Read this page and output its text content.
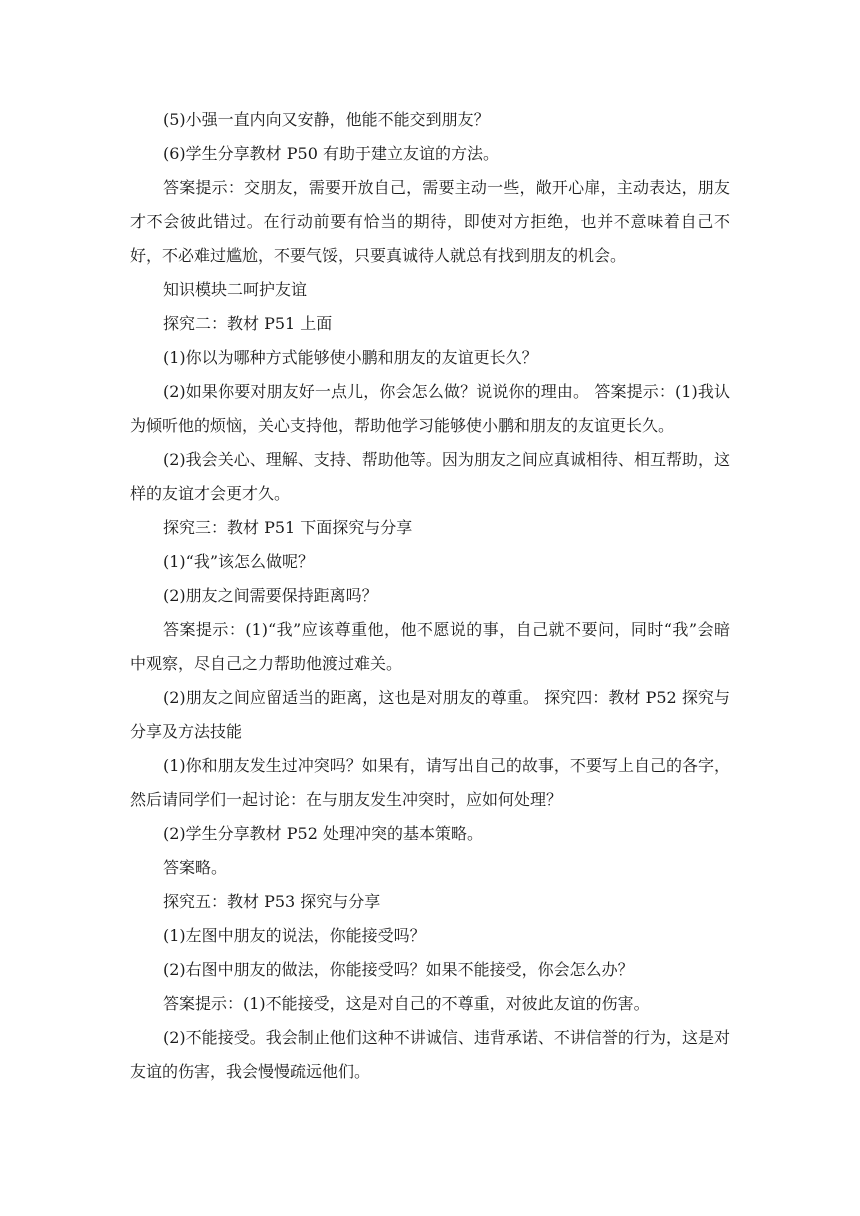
(5)小强一直内向又安静，他能不能交到朋友？

(6)学生分享教材 P50 有助于建立友谊的方法。

答案提示：交朋友，需要开放自己，需要主动一些，敞开心扉，主动表达，朋友才不会彼此错过。在行动前要有恰当的期待，即使对方拒绝，也并不意味着自己不好，不必难过尴尬，不要气馁，只要真诚待人就总有找到朋友的机会。

知识模块二呵护友谊

探究二：教材 P51 上面

(1)你以为哪种方式能够使小鹏和朋友的友谊更长久？

(2)如果你要对朋友好一点儿，你会怎么做？说说你的理由。 答案提示：(1)我认为倾听他的烦恼，关心支持他，帮助他学习能够使小鹏和朋友的友谊更长久。

(2)我会关心、理解、支持、帮助他等。因为朋友之间应真诚相待、相互帮助，这样的友谊才会更才久。

探究三：教材 P51 下面探究与分享

(1)“我”该怎么做呢？

(2)朋友之间需要保持距离吗？

答案提示：(1)“我”应该尊重他，他不愿说的事，自己就不要问，同时“我”会暗中观察，尽自己之力帮助他渡过难关。

(2)朋友之间应留适当的距离，这也是对朋友的尊重。 探究四：教材 P52 探究与分享及方法技能

(1)你和朋友发生过冲突吗？如果有，请写出自己的故事，不要写上自己的各字，然后请同学们一起讨论：在与朋友发生冲突时，应如何处理？

(2)学生分享教材 P52 处理冲突的基本策略。

答案略。

探究五：教材 P53 探究与分享

(1)左图中朋友的说法，你能接受吗？

(2)右图中朋友的做法，你能接受吗？如果不能接受，你会怎么办？

答案提示：(1)不能接受，这是对自己的不尊重，对彼此友谊的伤害。

(2)不能接受。我会制止他们这种不讲诚信、违背承诺、不讲信誉的行为，这是对友谊的伤害，我会慢慢疏远他们。
